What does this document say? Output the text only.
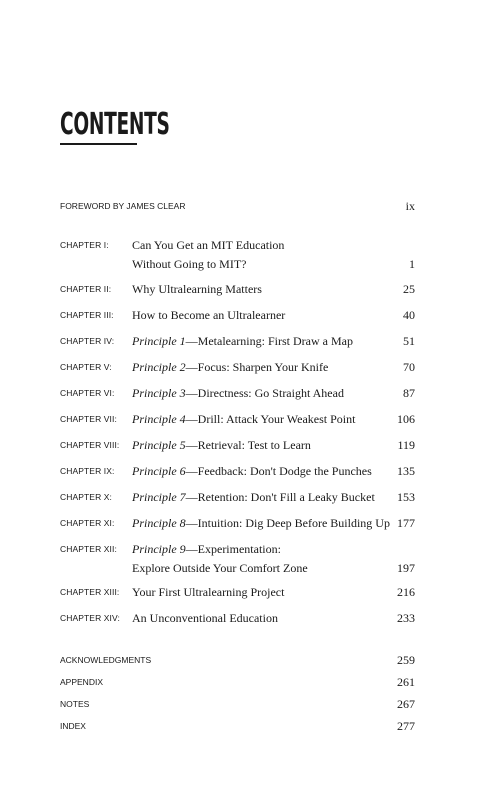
CONTENTS
FOREWORD BY JAMES CLEAR	ix
CHAPTER I: Can You Get an MIT Education
Without Going to MIT?	1
CHAPTER II: Why Ultralearning Matters	25
CHAPTER III: How to Become an Ultralearner	40
CHAPTER IV: Principle 1—Metalearning: First Draw a Map	51
CHAPTER V: Principle 2—Focus: Sharpen Your Knife	70
CHAPTER VI: Principle 3—Directness: Go Straight Ahead	87
CHAPTER VII: Principle 4—Drill: Attack Your Weakest Point	106
CHAPTER VIII: Principle 5—Retrieval: Test to Learn	119
CHAPTER IX: Principle 6—Feedback: Don't Dodge the Punches 135
CHAPTER X: Principle 7—Retention: Don't Fill a Leaky Bucket 153
CHAPTER XI: Principle 8—Intuition: Dig Deep Before Building Up 177
CHAPTER XII: Principle 9—Experimentation:
Explore Outside Your Comfort Zone	197
CHAPTER XIII: Your First Ultralearning Project	216
CHAPTER XIV: An Unconventional Education	233
ACKNOWLEDGMENTS	259
APPENDIX	261
NOTES	267
INDEX	277
